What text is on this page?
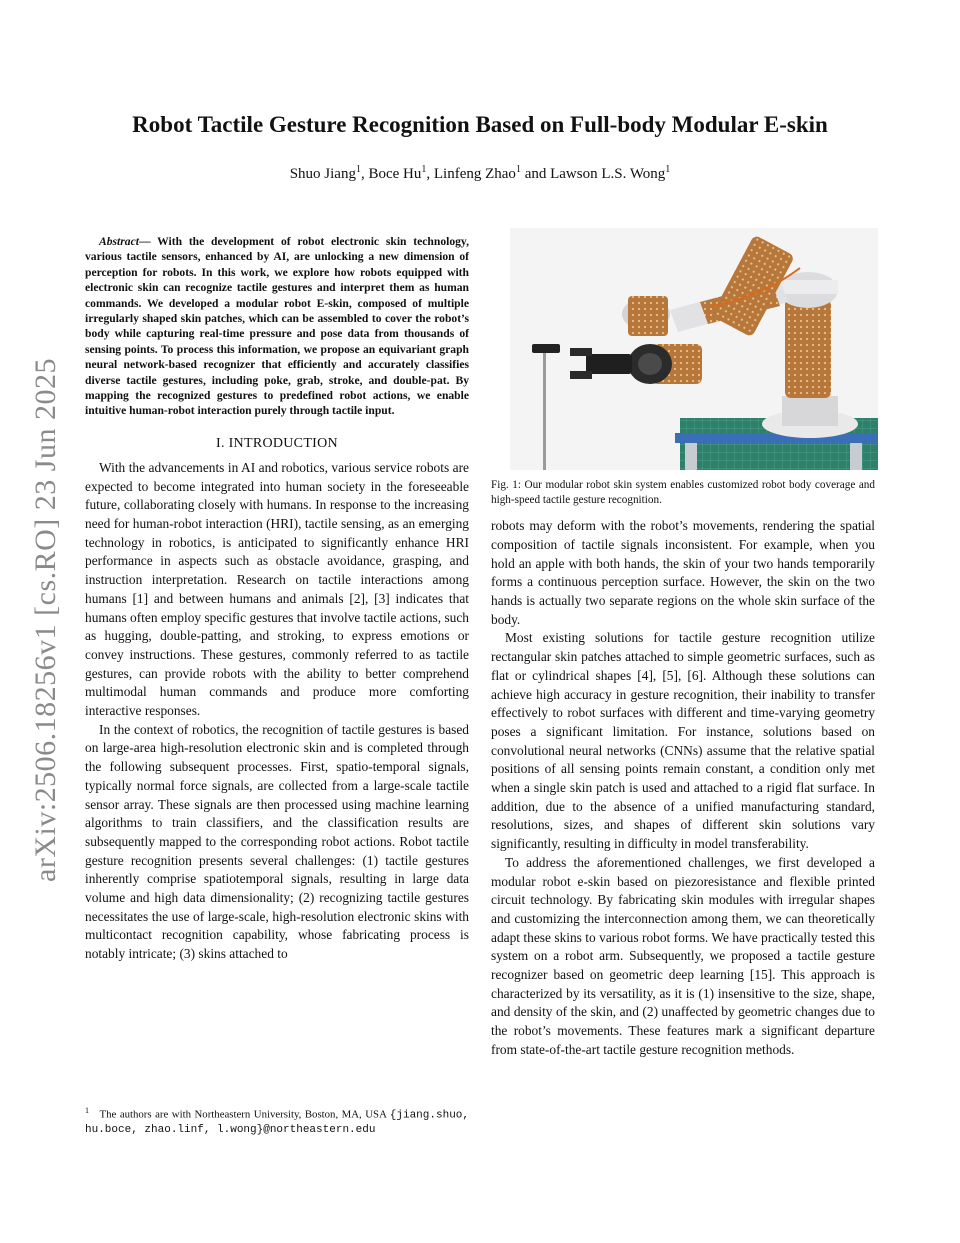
arXiv:2506.18256v1 [cs.RO] 23 Jun 2025
Robot Tactile Gesture Recognition Based on Full-body Modular E-skin
Shuo Jiang$^1$, Boce Hu$^1$, Linfeng Zhao$^1$ and Lawson L.S. Wong$^1$

Abstract— With the development of robot electronic skin technology, various tactile sensors, enhanced by AI, are unlocking a new dimension of perception for robots. In this work, we explore how robots equipped with electronic skin can recognize tactile gestures and interpret them as human commands. We developed a modular robot E-skin, composed of multiple irregularly shaped skin patches, which can be assembled to cover the robot’s body while capturing real-time pressure and pose data from thousands of sensing points. To process this information, we propose an equivariant graph neural network-based recognizer that efficiently and accurately classifies diverse tactile gestures, including poke, grab, stroke, and double-pat. By mapping the recognized gestures to predefined robot actions, we enable intuitive human-robot interaction purely through tactile input.

I. INTRODUCTION

With the advancements in AI and robotics, various service robots are expected to become integrated into human society in the foreseeable future, collaborating closely with humans. In response to the increasing need for human-robot interaction (HRI), tactile sensing, as an emerging technology in robotics, is anticipated to significantly enhance HRI performance in aspects such as obstacle avoidance, grasping, and instruction interpretation. Research on tactile interactions among humans [1] and between humans and animals [2], [3] indicates that humans often employ specific gestures that involve tactile actions, such as hugging, double-patting, and stroking, to express emotions or convey instructions. These gestures, commonly referred to as tactile gestures, can provide robots with the ability to better comprehend multimodal human commands and produce more comforting interactive responses.

In the context of robotics, the recognition of tactile gestures is based on large-area high-resolution electronic skin and is completed through the following subsequent processes. First, spatio-temporal signals, typically normal force signals, are collected from a large-scale tactile sensor array. These signals are then processed using machine learning algorithms to train classifiers, and the classification results are subsequently mapped to the corresponding robot actions. Robot tactile gesture recognition presents several challenges: (1) tactile gestures inherently comprise spatiotemporal signals, resulting in large data volume and high data dimensionality; (2) recognizing tactile gestures necessitates the use of large-scale, high-resolution electronic skins with multicontact recognition capability, whose fabricating process is notably intricate; (3) skins attached to

$^1$ The authors are with Northeastern University, Boston, MA, USA {jiang.shuo, hu.boce, zhao.linf, l.wong}@northeastern.edu

Fig. 1: Our modular robot skin system enables customized robot body coverage and high-speed tactile gesture recognition.

robots may deform with the robot’s movements, rendering the spatial composition of tactile signals inconsistent. For example, when you hold an apple with both hands, the skin of your two hands temporarily forms a continuous perception surface. However, the skin on the two hands is actually two separate regions on the whole skin surface of the body.

Most existing solutions for tactile gesture recognition utilize rectangular skin patches attached to simple geometric surfaces, such as flat or cylindrical shapes [4], [5], [6]. Although these solutions can achieve high accuracy in gesture recognition, their inability to transfer effectively to robot surfaces with different and time-varying geometry poses a significant limitation. For instance, solutions based on convolutional neural networks (CNNs) assume that the relative spatial positions of all sensing points remain constant, a condition only met when a single skin patch is used and attached to a rigid flat surface. In addition, due to the absence of a unified manufacturing standard, resolutions, sizes, and shapes of different skin solutions vary significantly, resulting in difficulty in model transferability.

To address the aforementioned challenges, we first developed a modular robot e-skin based on piezoresistance and flexible printed circuit technology. By fabricating skin modules with irregular shapes and customizing the interconnection among them, we can theoretically adapt these skins to various robot forms. We have practically tested this system on a robot arm. Subsequently, we proposed a tactile gesture recognizer based on geometric deep learning [15]. This approach is characterized by its versatility, as it is (1) insensitive to the size, shape, and density of the skin, and (2) unaffected by geometric changes due to the robot’s movements. These features mark a significant departure from state-of-the-art tactile gesture recognition methods.
